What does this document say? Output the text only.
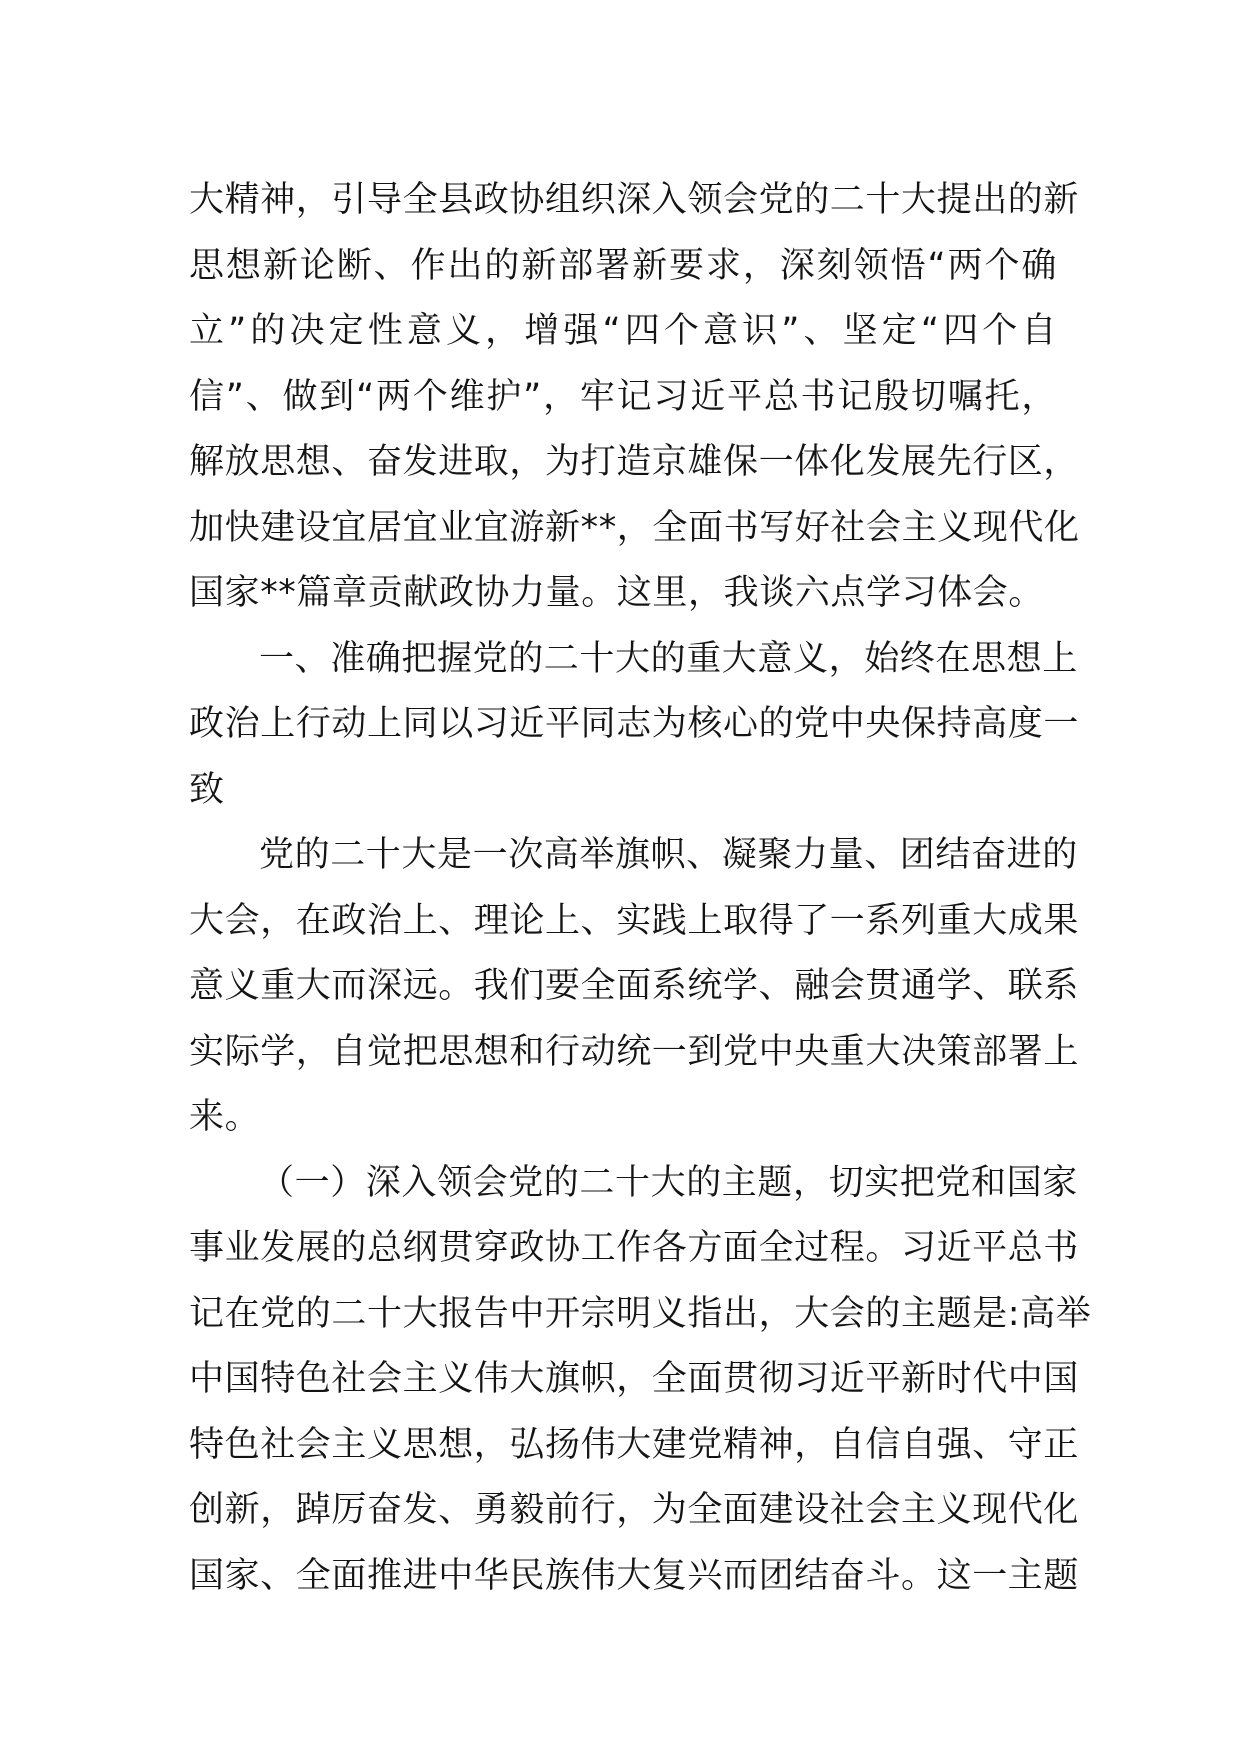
大精神，引导全县政协组织深入领会党的二十大提出的新
思想新论断、作出的新部署新要求，深刻领悟“两个确
立”的决定性意义，增强“四个意识”、坚定“四个自
信”、做到“两个维护”，牢记习近平总书记殷切嘱托，
解放思想、奋发进取，为打造京雄保一体化发展先行区，
加快建设宜居宜业宜游新**，全面书写好社会主义现代化
国家**篇章贡献政协力量。这里，我谈六点学习体会。
一、准确把握党的二十大的重大意义，始终在思想上
政治上行动上同以习近平同志为核心的党中央保持高度一
致
党的二十大是一次高举旗帜、凝聚力量、团结奋进的
大会，在政治上、理论上、实践上取得了一系列重大成果
意义重大而深远。我们要全面系统学、融会贯通学、联系
实际学，自觉把思想和行动统一到党中央重大决策部署上
来。
（一）深入领会党的二十大的主题，切实把党和国家
事业发展的总纲贯穿政协工作各方面全过程。习近平总书
记在党的二十大报告中开宗明义指出，大会的主题是:高举
中国特色社会主义伟大旗帜，全面贯彻习近平新时代中国
特色社会主义思想，弘扬伟大建党精神，自信自强、守正
创新，踔厉奋发、勇毅前行，为全面建设社会主义现代化
国家、全面推进中华民族伟大复兴而团结奋斗。这一主题
